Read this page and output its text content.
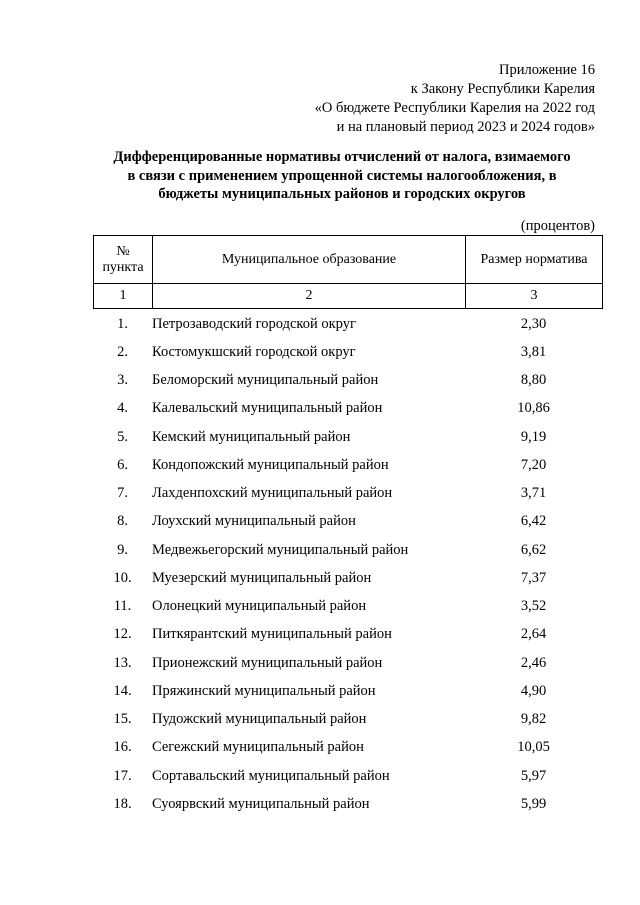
Приложение 16
к Закону Республики Карелия
«О бюджете Республики Карелия на 2022 год
и на плановый период 2023 и 2024 годов»
Дифференцированные нормативы отчислений от налога, взимаемого
в связи с применением упрощенной системы налогообложения, в
бюджеты муниципальных районов и городских округов
(процентов)
№
пункта	Муниципальное образование	Размер норматива
1	2	3
1.	Петрозаводский городской округ	2,30
2.	Костомукшский городской округ	3,81
3.	Беломорский муниципальный район	8,80
4.	Калевальский муниципальный район	10,86
5.	Кемский муниципальный район	9,19
6.	Кондопожский муниципальный район	7,20
7.	Лахденпохский муниципальный район	3,71
8.	Лоухский муниципальный район	6,42
9.	Медвежьегорский муниципальный район	6,62
10.	Муезерский муниципальный район	7,37
11.	Олонецкий муниципальный район	3,52
12.	Питкярантский муниципальный район	2,64
13.	Прионежский муниципальный район	2,46
14.	Пряжинский муниципальный район	4,90
15.	Пудожский муниципальный район	9,82
16.	Сегежский муниципальный район	10,05
17.	Сортавальский муниципальный район	5,97
18.	Суоярвский муниципальный район	5,99
